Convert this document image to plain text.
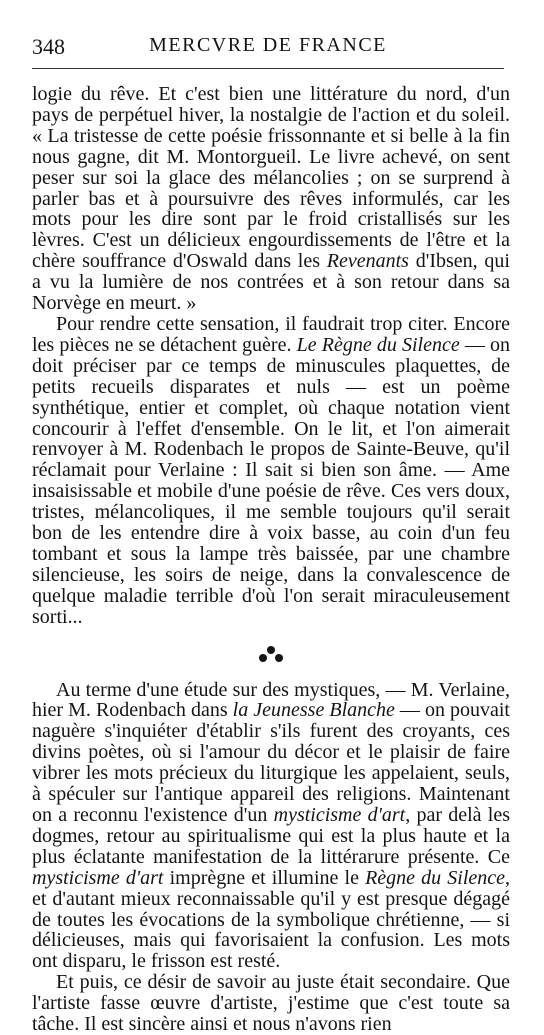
348	MERCVRE DE FRANCE

logie du rêve. Et c'est bien une littérature du nord, d'un pays de perpétuel hiver, la nostalgie de l'action et du soleil. « La tristesse de cette poésie frissonnante et si belle à la fin nous gagne, dit M. Montorgueil. Le livre achevé, on sent peser sur soi la glace des mélancolies ; on se surprend à parler bas et à poursuivre des rêves informulés, car les mots pour les dire sont par le froid cristallisés sur les lèvres. C'est un délicieux engourdissements de l'être et la chère souffrance d'Oswald dans les Revenants d'Ibsen, qui a vu la lumière de nos contrées et à son retour dans sa Norvège en meurt. »

Pour rendre cette sensation, il faudrait trop citer. Encore les pièces ne se détachent guère. Le Règne du Silence — on doit préciser par ce temps de minuscules plaquettes, de petits recueils disparates et nuls — est un poème synthétique, entier et complet, où chaque notation vient concourir à l'effet d'ensemble. On le lit, et l'on aimerait renvoyer à M. Rodenbach le propos de Sainte-Beuve, qu'il réclamait pour Verlaine : Il sait si bien son âme. — Ame insaisissable et mobile d'une poésie de rêve. Ces vers doux, tristes, mélancoliques, il me semble toujours qu'il serait bon de les entendre dire à voix basse, au coin d'un feu tombant et sous la lampe très baissée, par une chambre silencieuse, les soirs de neige, dans la convalescence de quelque maladie terrible d'où l'on serait miraculeusement sorti...

Au terme d'une étude sur des mystiques, — M. Verlaine, hier M. Rodenbach dans la Jeunesse Blanche — on pouvait naguère s'inquiéter d'établir s'ils furent des croyants, ces divins poètes, où si l'amour du décor et le plaisir de faire vibrer les mots précieux du liturgique les appelaient, seuls, à spéculer sur l'antique appareil des religions. Maintenant on a reconnu l'existence d'un mysticisme d'art, par delà les dogmes, retour au spiritualisme qui est la plus haute et la plus éclatante manifestation de la littérarure présente. Ce mysticisme d'art imprègne et illumine le Règne du Silence, et d'autant mieux reconnaissable qu'il y est presque dégagé de toutes les évocations de la symbolique chrétienne, — si délicieuses, mais qui favorisaient la confusion. Les mots ont disparu, le frisson est resté.

Et puis, ce désir de savoir au juste était secondaire. Que l'artiste fasse œuvre d'artiste, j'estime que c'est toute sa tâche. Il est sincère ainsi et nous n'avons rien
